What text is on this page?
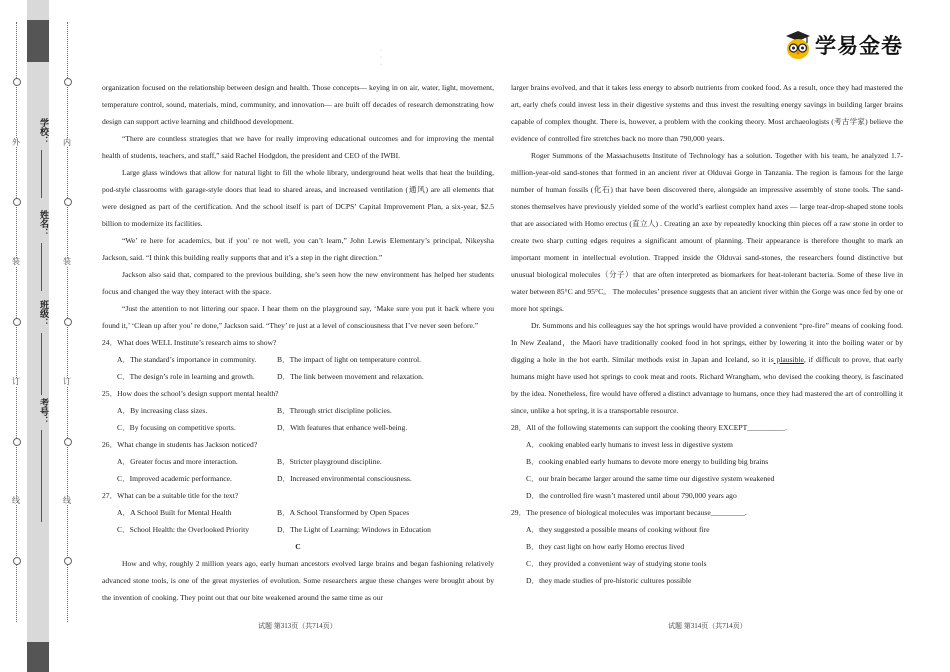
外
装
订
线
内
装
订
线
学校：
姓名：
班级：
考号：
·
·
·
学易金卷

organization focused on the relationship between design and health. Those concepts— keying in on air, water, light, movement, temperature control, sound, materials, mind, community, and innovation— are built off decades of research demonstrating how design can support active learning and childhood development.

“There are countless strategies that we have for really improving educational outcomes and for improving the mental health of students, teachers, and staff,” said Rachel Hodgdon, the president and CEO of the IWBI.

Large glass windows that allow for natural light to fill the whole library, underground heat wells that heat the building, pod-style classrooms with garage-style doors that lead to shared areas, and increased ventilation (通风) are all elements that were designed as part of the certification. And the school itself is part of DCPS’ Capital Improvement Plan, a six-year, $2.5 billion to modernize its facilities.

“We’ re here for academics, but if you’ re not well, you can’t learn,” John Lewis Elementary’s principal, Nikeysha Jackson, said. “I think this building really supports that and it’s a step in the right direction.”

Jackson also said that, compared to the previous building, she’s seen how the new environment has helped her students focus and changed the way they interact with the space.

“Just the attention to not littering our space. I hear them on the playground say, ‘Make sure you put it back where you found it,’ ‘Clean up after you’ re done,” Jackson said. “They’ re just at a level of consciousness that I’ve never seen before.”

24．What does WELL Institute’s research aims to show?

A．The standard’s importance in community.	B．The impact of light on temperature control.
C．The design’s role in learning and growth.	D．The link between movement and relaxation.

25．How does the school’s design support mental health?

A．By increasing class sizes.	B．Through strict discipline policies.
C．By focusing on competitive sports.	D．With features that enhance well-being.

26．What change in students has Jackson noticed?

A．Greater focus and more interaction.	B．Stricter playground discipline.
C．Improved academic performance.	D．Increased environmental consciousness.

27．What can be a suitable title for the text?

A．A School Built for Mental Health	B．A School Transformed by Open Spaces
C．School Health: the Overlooked Priority	D．The Light of Learning: Windows in Education

C

How and why, roughly 2 million years ago, early human ancestors evolved large brains and began fashioning relatively advanced stone tools, is one of the great mysteries of evolution. Some researchers argue these changes were brought about by the invention of cooking. They point out that our bite weakened around the same time as our

larger brains evolved, and that it takes less energy to absorb nutrients from cooked food. As a result, once they had mastered the art, early chefs could invest less in their digestive systems and thus invest the resulting energy savings in building larger brains capable of complex thought. There is, however, a problem with the cooking theory. Most archaeologists (考古学家) believe the evidence of controlled fire stretches back no more than 790,000 years.

Roger Summons of the Massachusetts Institute of Technology has a solution. Together with his team, he analyzed 1.7-million-year-old sand-stones that formed in an ancient river at Olduvai Gorge in Tanzania. The region is famous for the large number of human fossils (化石) that have been discovered there, alongside an impressive assembly of stone tools. The sand-stones themselves have previously yielded some of the world’s earliest complex hand axes — large tear-drop-shaped stone tools that are associated with Homo erectus (直立人) . Creating an axe by repeatedly knocking thin pieces off a raw stone in order to create two sharp cutting edges requires a significant amount of planning. Their appearance is therefore thought to mark an important moment in intellectual evolution. Trapped inside the Olduvai sand-stones, the researchers found distinctive but unusual biological molecules（分子）that are often interpreted as biomarkers for heat-tolerant bacteria. Some of these live in water between 85°C and 95°C。 The molecules’ presence suggests that an ancient river within the Gorge was once fed by one or more hot springs.

Dr. Summons and his colleagues say the hot springs would have provided a convenient “pre-fire” means of cooking food. In New Zealand，the Maori have traditionally cooked food in hot springs, either by lowering it into the boiling water or by digging a hole in the hot earth. Similar methods exist in Japan and Iceland, so it is plausible, if difficult to prove, that early humans might have used hot springs to cook meat and roots. Richard Wrangham, who devised the cooking theory, is fascinated by the idea. Nonetheless, fire would have offered a distinct advantage to humans, once they had mastered the art of controlling it since, unlike a hot spring, it is a transportable resource.

28．All of the following statements can support the cooking theory EXCEPT__________.

A．cooking enabled early humans to invest less in digestive system

B．cooking enabled early humans to devote more energy to building big brains

C．our brain became larger around the same time our digestive system weakened

D．the controlled fire wasn’t mastered until about 790,000 years ago

29．The presence of biological molecules was important because_________.

A．they suggested a possible means of cooking without fire

B．they cast light on how early Homo erectus lived

C．they provided a convenient way of studying stone tools

D．they made studies of pre-historic cultures possible

试题 第313页（共714页）	试题 第314页（共714页）
